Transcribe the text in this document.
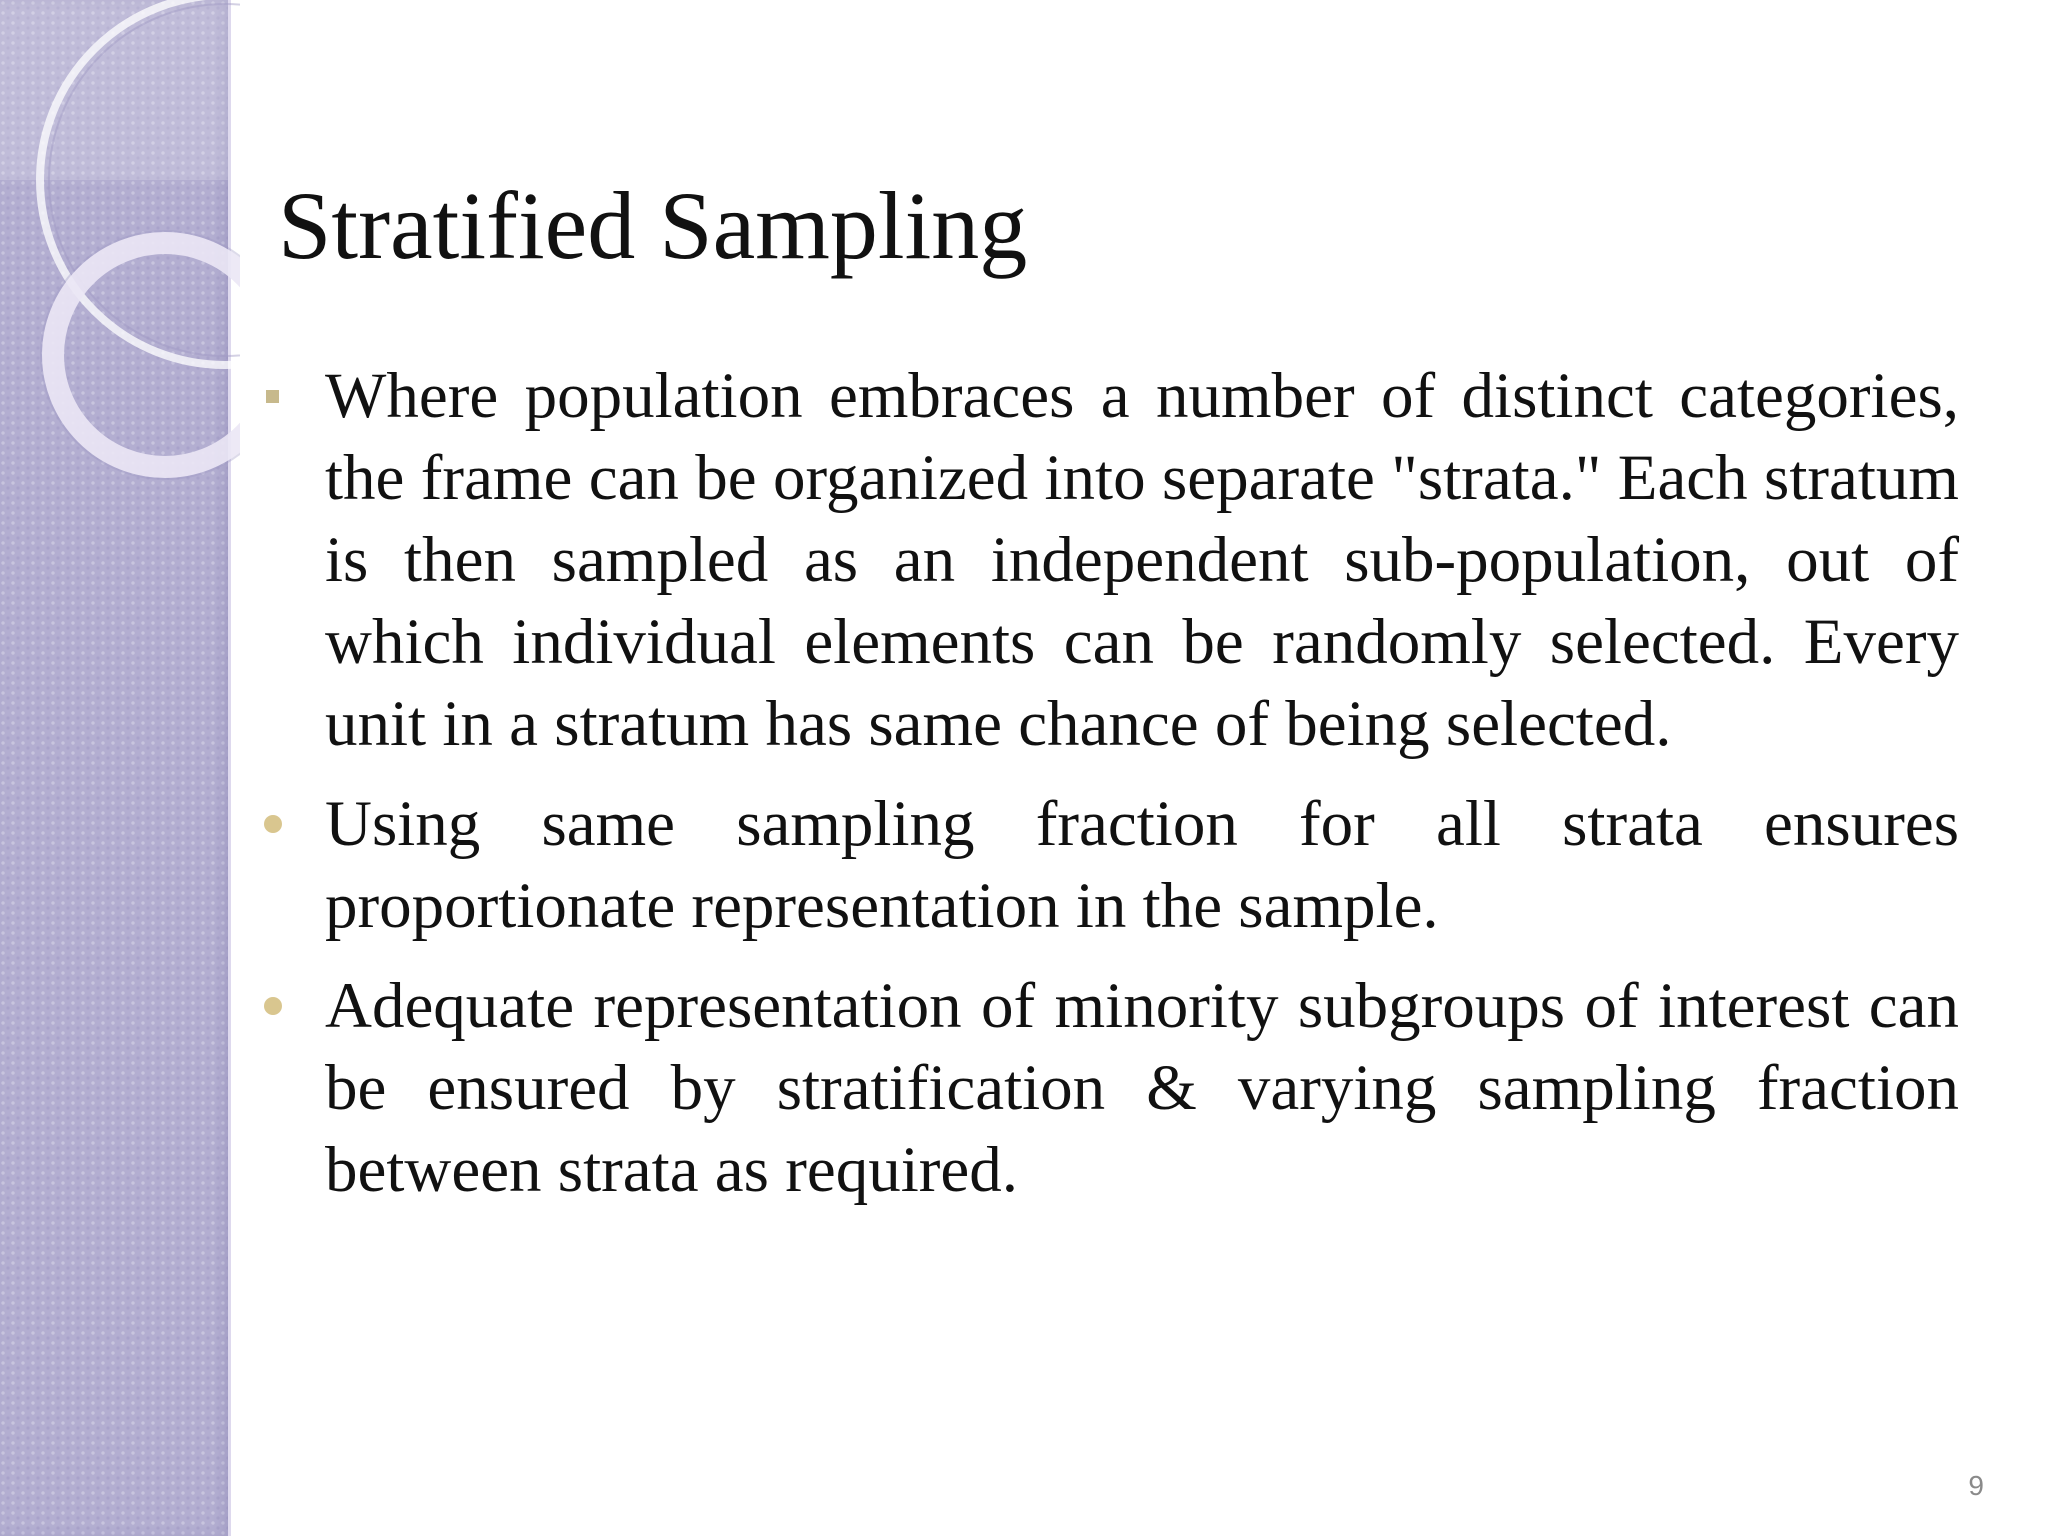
Stratified Sampling
Where population embraces a number of distinct categories, the frame can be organized into separate "strata." Each stratum is then sampled as an independent sub-population, out of which individual elements can be randomly selected. Every unit in a stratum has same chance of being selected.
Using same sampling fraction for all strata ensures proportionate representation in the sample.
Adequate representation of minority subgroups of interest can be ensured by stratification & varying sampling fraction between strata as required.
9
